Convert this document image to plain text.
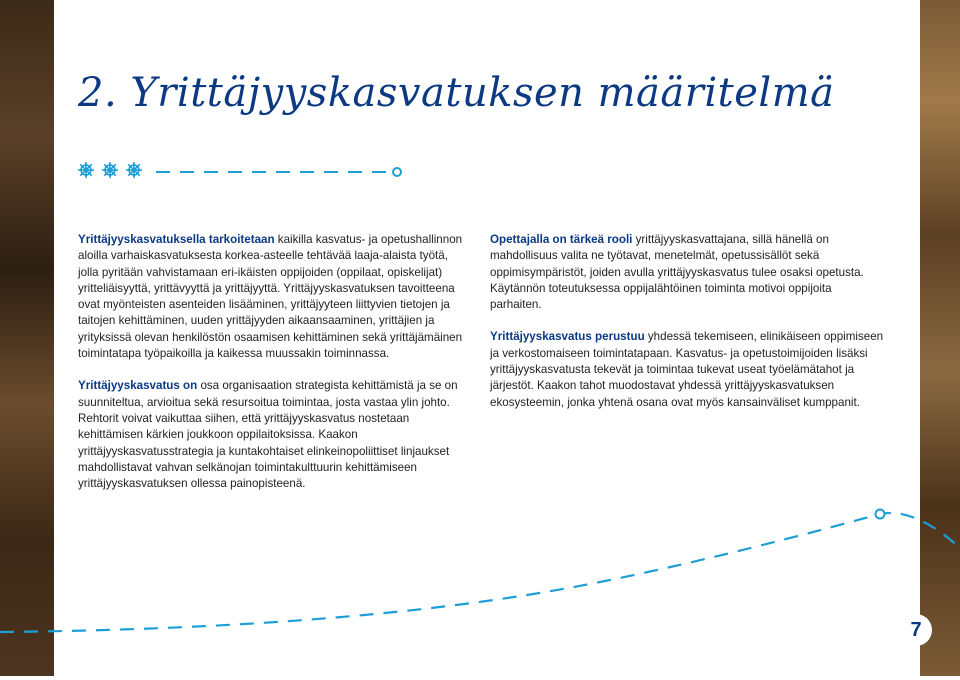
2. Yrittäjyyskasvatuksen määritelmä

Yrittäjyyskasvatuksella tarkoitetaan kaikilla kasvatus- ja opetushallinnon aloilla varhaiskasvatuksesta korkea-asteelle tehtävää laaja-alaista työtä, jolla pyritään vahvistamaan eri-ikäisten oppijoiden (oppilaat, opiskelijat) yritteliäisyyttä, yrittävyyttä ja yrittäjyyttä. Yrittäjyyskasvatuksen tavoitteena ovat myönteisten asenteiden lisääminen, yrittäjyyteen liittyvien tietojen ja taitojen kehittäminen, uuden yrittäjyyden aikaansaaminen, yrittäjien ja yrityksissä olevan henkilöstön osaamisen kehittäminen sekä yrittäjämäinen toimintatapa työpaikoilla ja kaikessa muussakin toiminnassa.

Yrittäjyyskasvatus on osa organisaation strategista kehittämistä ja se on suunniteltua, arvioitua sekä resursoitua toimintaa, josta vastaa ylin johto. Rehtorit voivat vaikuttaa siihen, että yrittäjyyskasvatus nostetaan kehittämisen kärkien joukkoon oppilaitoksissa. Kaakon yrittäjyyskasvatusstrategia ja kuntakohtaiset elinkeinopoliittiset linjaukset mahdollistavat vahvan selkänojan toimintakulttuurin kehittämiseen yrittäjyyskasvatuksen ollessa painopisteenä.

Opettajalla on tärkeä rooli yrittäjyyskasvattajana, sillä hänellä on mahdollisuus valita ne työtavat, menetelmät, opetussisällöt sekä oppimisympäristöt, joiden avulla yrittäjyyskasvatus tulee osaksi opetusta. Käytännön toteutuksessa oppijalähtöinen toiminta motivoi oppijoita parhaiten.

Yrittäjyyskasvatus perustuu yhdessä tekemiseen, elinikäiseen oppimiseen ja verkostomaiseen toimintatapaan. Kasvatus- ja opetustoimijoiden lisäksi yrittäjyyskasvatusta tekevät ja toimintaa tukevat useat työelämätahot ja järjestöt. Kaakon tahot muodostavat yhdessä yrittäjyyskasvatuksen ekosysteemin, jonka yhtenä osana ovat myös kansainväliset kumppanit.

7
